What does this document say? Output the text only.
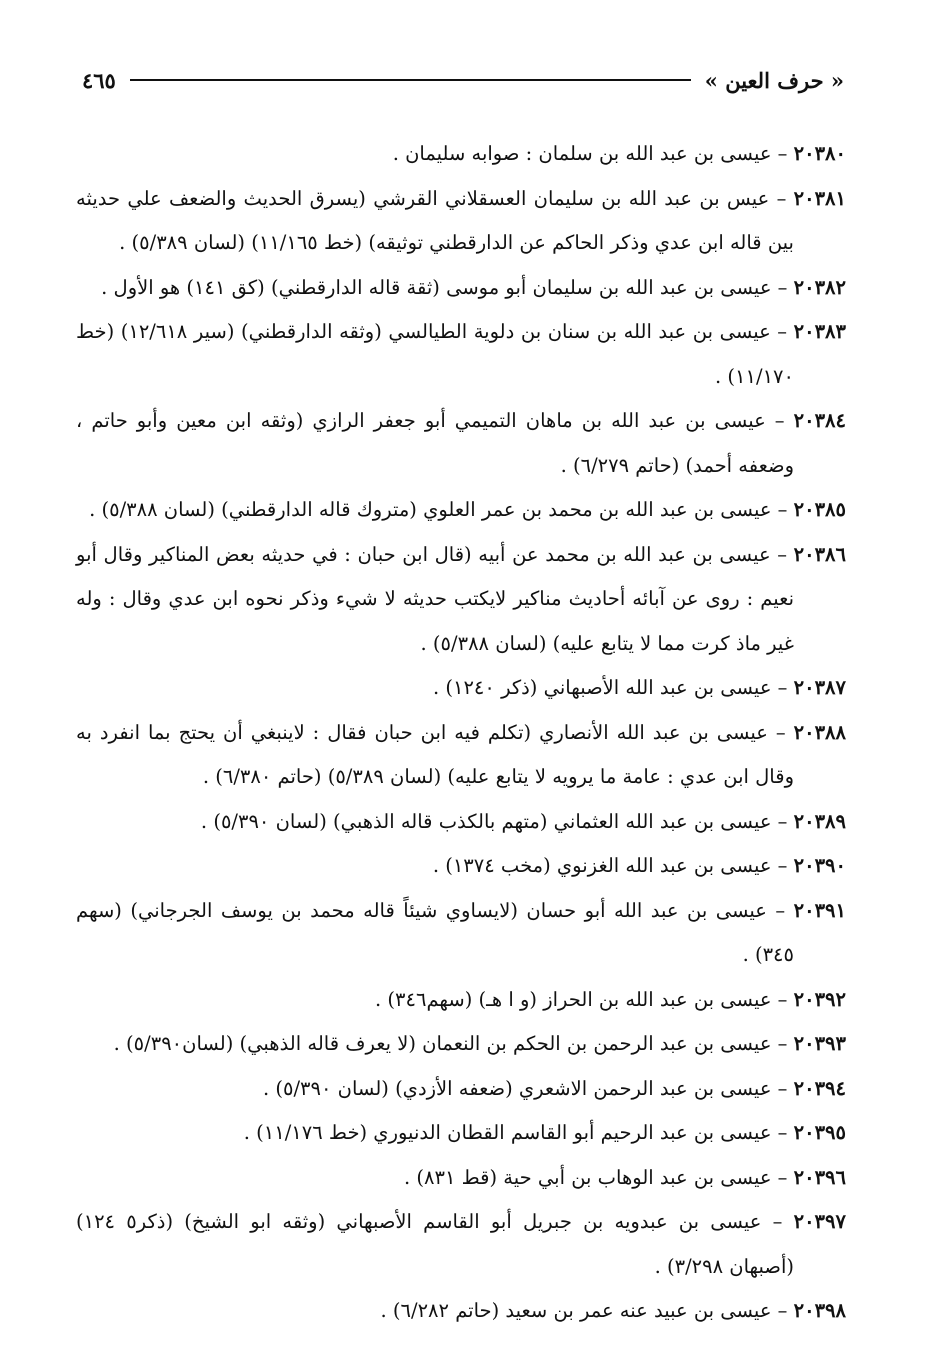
« حرف العين »
٤٦٥

٢٠٣٨٠ – عيسى بن عبد الله بن سلمان : صوابه سليمان .

٢٠٣٨١ – عيس بن عبد الله بن سليمان العسقلاني القرشي (يسرق الحديث والضعف علي حديثه بين قاله ابن عدي وذكر الحاكم عن الدارقطني توثيقه) (خط ١١/١٦٥) (لسان ٥/٣٨٩) .

٢٠٣٨٢ – عيسى بن عبد الله بن سليمان أبو موسى (ثقة قاله الدارقطني) (كق ١٤١) هو الأول .

٢٠٣٨٣ – عيسى بن عبد الله بن سنان بن دلوية الطيالسي (وثقه الدارقطني) (سير ١٢/٦١٨) (خط ١١/١٧٠) .

٢٠٣٨٤ – عيسى بن عبد الله بن ماهان التميمي أبو جعفر الرازي (وثقه ابن معين وأبو حاتم ، وضعفه أحمد) (حاتم ٦/٢٧٩) .

٢٠٣٨٥ – عيسى بن عبد الله بن محمد بن عمر العلوي (متروك قاله الدارقطني) (لسان ٥/٣٨٨) .

٢٠٣٨٦ – عيسى بن عبد الله بن محمد عن أبيه (قال ابن حبان : في حديثه بعض المناكير وقال أبو نعيم : روى عن آبائه أحاديث مناكير لايكتب حديثه لا شيء وذكر نحوه ابن عدي وقال : وله غير ماذ كرت مما لا يتابع عليه) (لسان ٥/٣٨٨) .

٢٠٣٨٧ – عيسى بن عبد الله الأصبهاني (ذكر ١٢٤٠) .

٢٠٣٨٨ – عيسى بن عبد الله الأنصاري (تكلم فيه ابن حبان فقال : لاينبغي أن يحتج بما انفرد به وقال ابن عدي : عامة ما يرويه لا يتابع عليه) (لسان ٥/٣٨٩) (حاتم ٦/٣٨٠) .

٢٠٣٨٩ – عيسى بن عبد الله العثماني (متهم بالكذب قاله الذهبي) (لسان ٥/٣٩٠) .

٢٠٣٩٠ – عيسى بن عبد الله الغزنوي (مخب ١٣٧٤) .

٢٠٣٩١ – عيسى بن عبد الله أبو حسان (لايساوي شيئاً قاله محمد بن يوسف الجرجاني) (سهم ٣٤٥) .

٢٠٣٩٢ – عيسى بن عبد الله بن الحراز (و ا هـ) (سهم٣٤٦) .

٢٠٣٩٣ – عيسى بن عبد الرحمن بن الحكم بن النعمان (لا يعرف قاله الذهبي) (لسان٥/٣٩٠) .

٢٠٣٩٤ – عيسى بن عبد الرحمن الاشعري (ضعفه الأزدي) (لسان ٥/٣٩٠) .

٢٠٣٩٥ – عيسى بن عبد الرحيم أبو القاسم القطان الدنيوري (خط ١١/١٧٦) .

٢٠٣٩٦ – عيسى بن عبد الوهاب بن أبي حية (قط ٨٣١) .

٢٠٣٩٧ – عيسى بن عبدويه بن جبريل أبو القاسم الأصبهاني (وثقه ابو الشيخ) (ذكر٥ ١٢٤) (أصبهان ٣/٢٩٨) .

٢٠٣٩٨ – عيسى بن عبيد عنه عمر بن سعيد (حاتم ٦/٢٨٢) .
